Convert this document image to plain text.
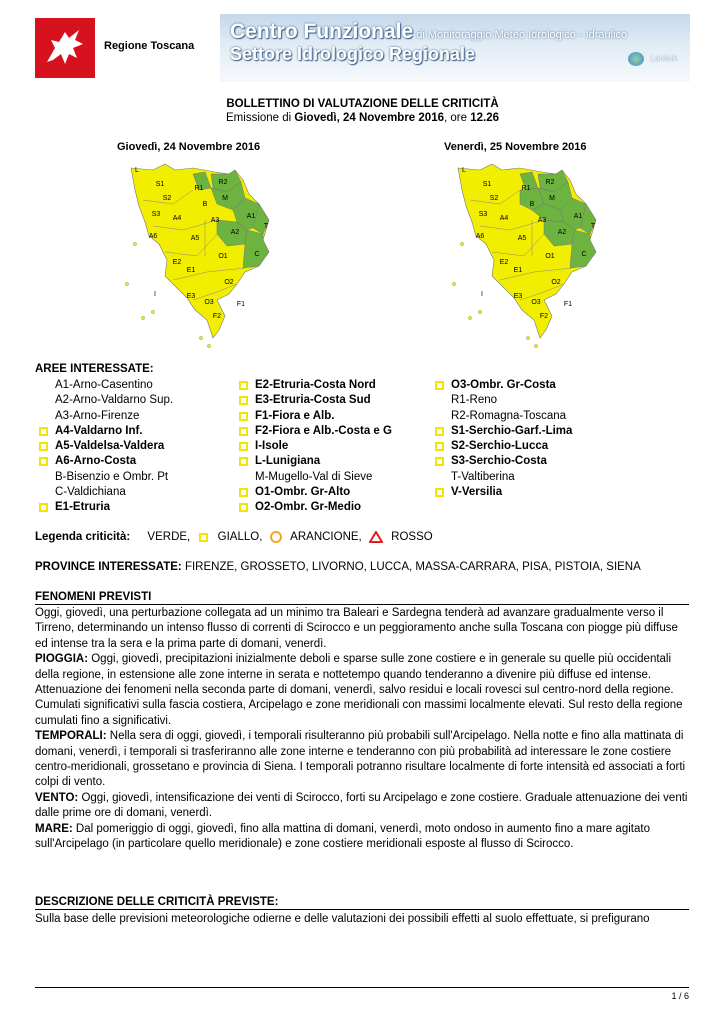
Regione Toscana
Centro Funzionale di Monitoraggio Meteo Idrologico - Idraulico
Settore Idrologico Regionale	LaMMA
BOLLETTINO DI VALUTAZIONE DELLE CRITICITÀ
Emissione di Giovedì, 24 Novembre 2016, ore 12.26
Giovedì, 24 Novembre 2016	Venerdì, 25 Novembre 2016
L
S1
R1
R2
S2
B
M
S3
A4	A3
A1
A6
A2
T
A5
O1	C
E2
E1
O2
I	E3
O3	F1
F2
L
S1
R1
R2
S2
B
M
S3
A4	A3
A1
A6
A2
T
A5
O1	C
E2
E1
O2
I	E3
O3	F1
F2
AREE INTERESSATE:
A1-Arno-Casentino
A2-Arno-Valdarno Sup.
A3-Arno-Firenze
A4-Valdarno Inf.
A5-Valdelsa-Valdera
A6-Arno-Costa
B-Bisenzio e Ombr. Pt
C-Valdichiana
E1-Etruria
E2-Etruria-Costa Nord
E3-Etruria-Costa Sud
F1-Fiora e Alb.
F2-Fiora e Alb.-Costa e G
I-Isole
L-Lunigiana
M-Mugello-Val di Sieve
O1-Ombr. Gr-Alto
O2-Ombr. Gr-Medio
O3-Ombr. Gr-Costa
R1-Reno
R2-Romagna-Toscana
S1-Serchio-Garf.-Lima
S2-Serchio-Lucca
S3-Serchio-Costa
T-Valtiberina
V-Versilia
Legenda criticità: VERDE, GIALLO, ARANCIONE,	ROSSO
PROVINCE INTERESSATE: FIRENZE, GROSSETO, LIVORNO, LUCCA, MASSA-CARRARA, PISA, PISTOIA, SIENA
FENOMENI PREVISTI

Oggi, giovedì, una perturbazione collegata ad un minimo tra Baleari e Sardegna tenderà ad avanzare gradualmente verso il Tirreno, determinando un intenso flusso di correnti di Scirocco e un peggioramento anche sulla Toscana con piogge più diffuse ed intense tra la sera e la prima parte di domani, venerdì.

PIOGGIA: Oggi, giovedì, precipitazioni inizialmente deboli e sparse sulle zone costiere e in generale su quelle più occidentali della regione, in estensione alle zone interne in serata e nottetempo quando tenderanno a divenire più diffuse ed intense. Attenuazione dei fenomeni nella seconda parte di domani, venerdì, salvo residui e locali rovesci sul centro-nord della regione. Cumulati significativi sulla fascia costiera, Arcipelago e zone meridionali con massimi localmente elevati. Sul resto della regione cumulati fino a significativi.

TEMPORALI: Nella sera di oggi, giovedì, i temporali risulteranno più probabili sull'Arcipelago. Nella notte e fino alla mattinata di domani, venerdì, i temporali si trasferiranno alle zone interne e tenderanno con più probabilità ad interessare le zone costiere centro-meridionali, grossetano e provincia di Siena. I temporali potranno risultare localmente di forte intensità ed associati a forti colpi di vento.

VENTO: Oggi, giovedì, intensificazione dei venti di Scirocco, forti su Arcipelago e zone costiere. Graduale attenuazione dei venti dalle prime ore di domani, venerdì.

MARE: Dal pomeriggio di oggi, giovedì, fino alla mattina di domani, venerdì, moto ondoso in aumento fino a mare agitato sull'Arcipelago (in particolare quello meridionale) e zone costiere meridionali esposte al flusso di Scirocco.

DESCRIZIONE DELLE CRITICITÀ PREVISTE:
Sulla base delle previsioni meteorologiche odierne e delle valutazioni dei possibili effetti al suolo effettuate, si prefigurano
1 / 6
